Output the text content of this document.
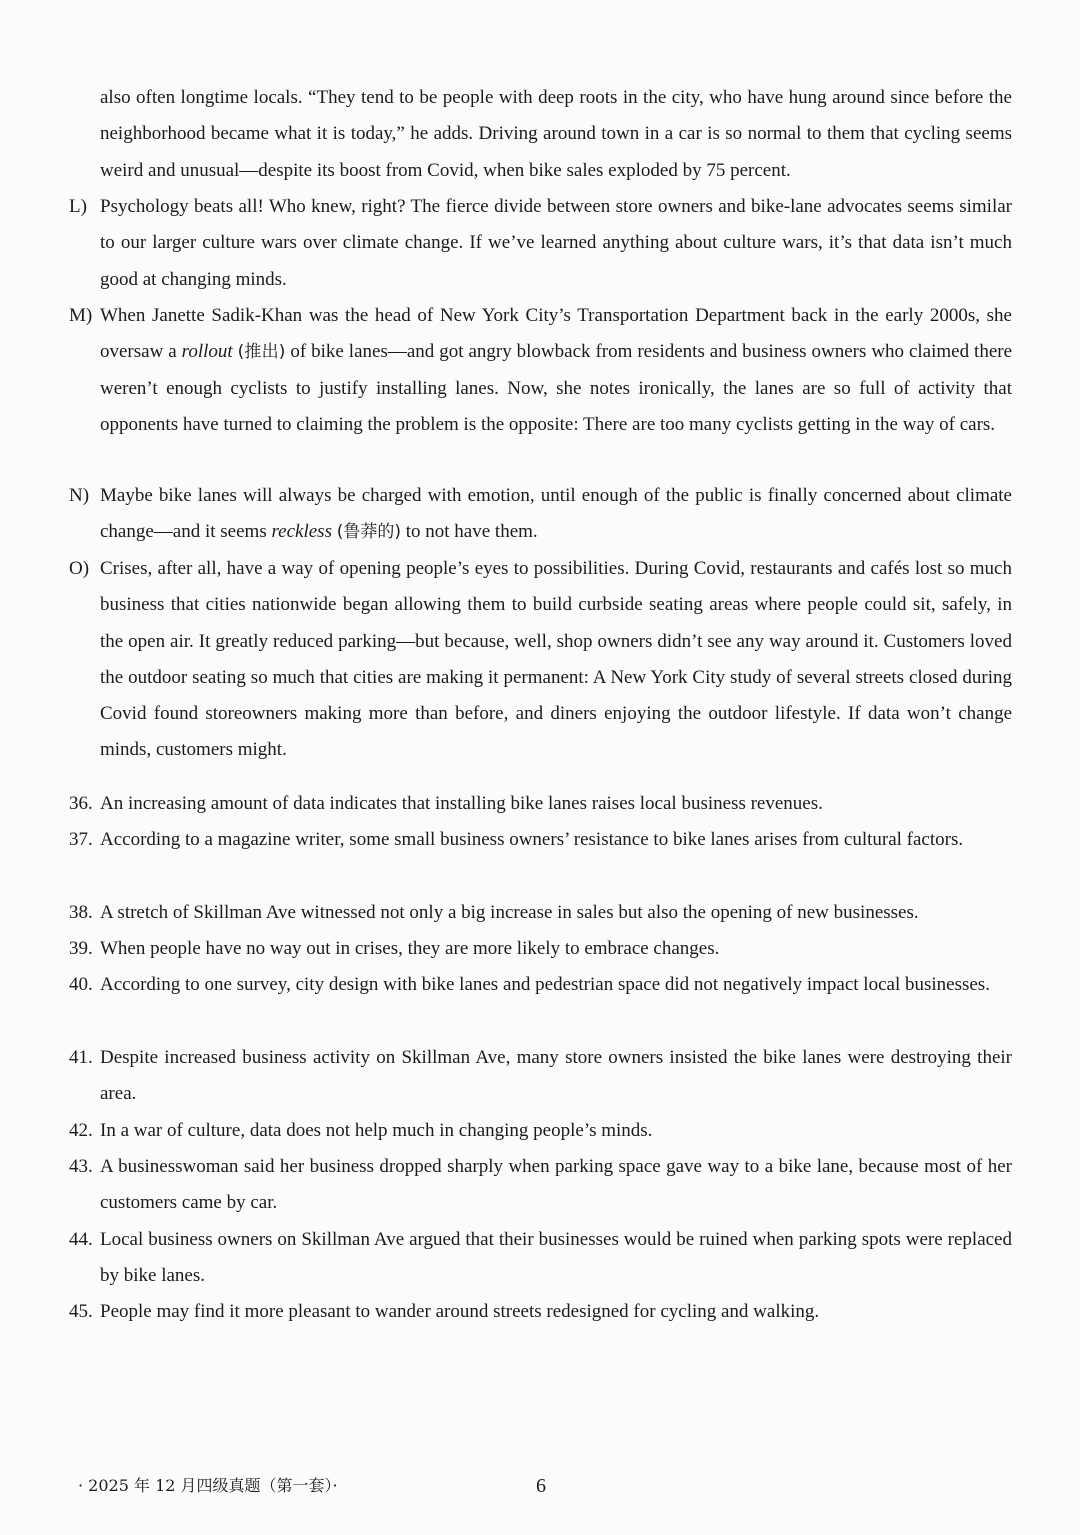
also often longtime locals. “They tend to be people with deep roots in the city, who have hung around since before the neighborhood became what it is today,” he adds. Driving around town in a car is so normal to them that cycling seems weird and unusual—despite its boost from Covid, when bike sales exploded by 75 percent.

L) Psychology beats all! Who knew, right? The fierce divide between store owners and bike-lane advocates seems similar to our larger culture wars over climate change. If we’ve learned anything about culture wars, it’s that data isn’t much good at changing minds.

M) When Janette Sadik-Khan was the head of New York City’s Transportation Department back in the early 2000s, she oversaw a rollout (推出) of bike lanes—and got angry blowback from residents and business owners who claimed there weren’t enough cyclists to justify installing lanes. Now, she notes ironically, the lanes are so full of activity that opponents have turned to claiming the problem is the opposite: There are too many cyclists getting in the way of cars.

N) Maybe bike lanes will always be charged with emotion, until enough of the public is finally concerned about climate change—and it seems reckless (鲁莽的) to not have them.

O) Crises, after all, have a way of opening people’s eyes to possibilities. During Covid, restaurants and cafés lost so much business that cities nationwide began allowing them to build curbside seating areas where people could sit, safely, in the open air. It greatly reduced parking—but because, well, shop owners didn’t see any way around it. Customers loved the outdoor seating so much that cities are making it permanent: A New York City study of several streets closed during Covid found storeowners making more than before, and diners enjoying the outdoor lifestyle. If data won’t change minds, customers might.

36. An increasing amount of data indicates that installing bike lanes raises local business revenues.

37. According to a magazine writer, some small business owners’ resistance to bike lanes arises from cultural factors.

38. A stretch of Skillman Ave witnessed not only a big increase in sales but also the opening of new businesses.

39. When people have no way out in crises, they are more likely to embrace changes.

40. According to one survey, city design with bike lanes and pedestrian space did not negatively impact local businesses.

41. Despite increased business activity on Skillman Ave, many store owners insisted the bike lanes were destroying their area.

42. In a war of culture, data does not help much in changing people’s minds.

43. A businesswoman said her business dropped sharply when parking space gave way to a bike lane, because most of her customers came by car.

44. Local business owners on Skillman Ave argued that their businesses would be ruined when parking spots were replaced by bike lanes.

45. People may find it more pleasant to wander around streets redesigned for cycling and walking.

· 2025 年 12 月四级真题（第一套）·	6
